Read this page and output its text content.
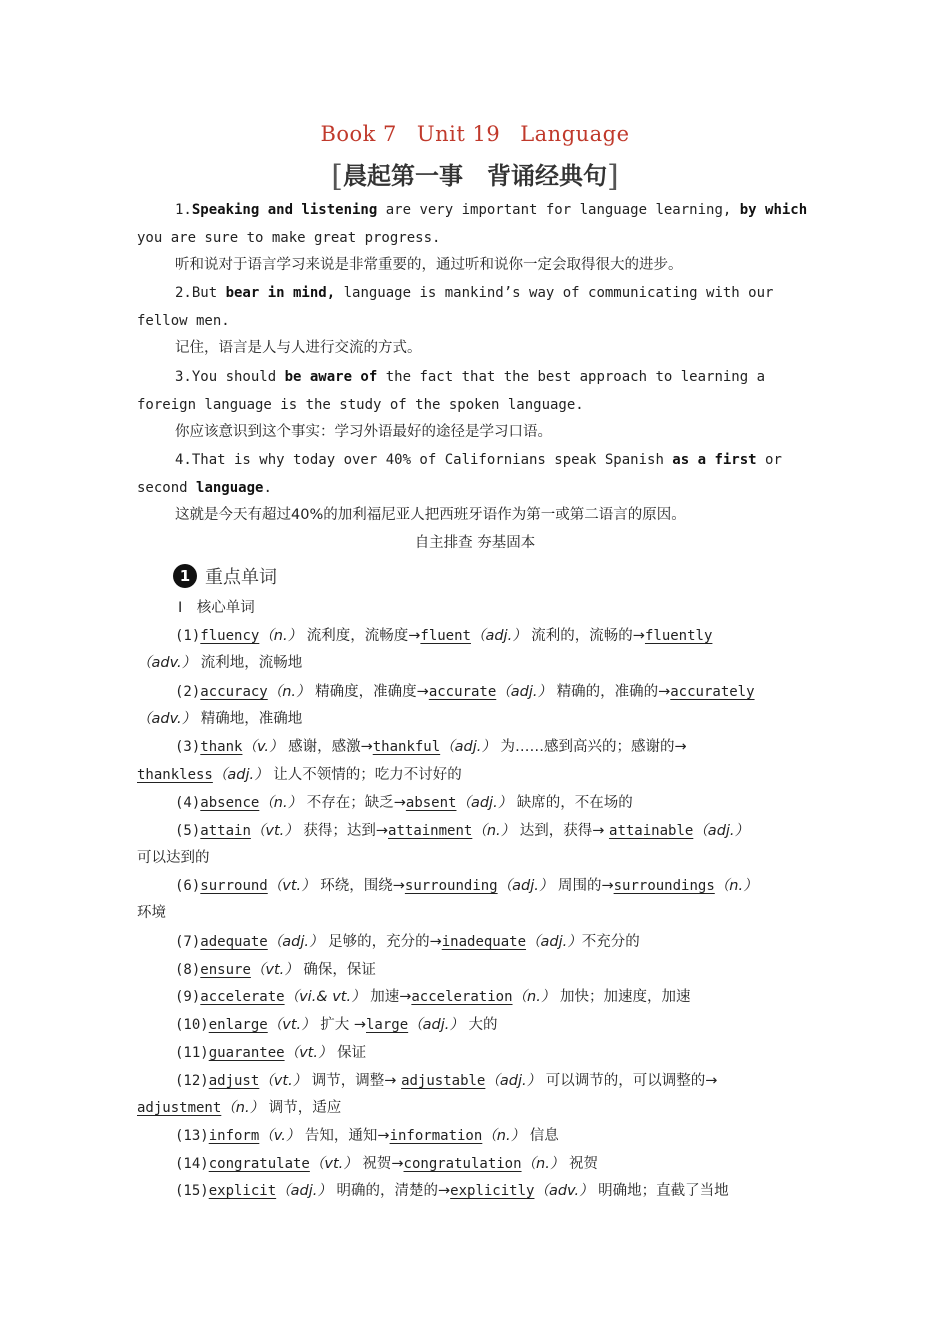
Book 7 Unit 19 Language
[晨起第一事　背诵经典句]
1.Speaking and listening are very important for language learning, by which
you are sure to make great progress.
听和说对于语言学习来说是非常重要的，通过听和说你一定会取得很大的进步。
2.But bear in mind, language is mankind’s way of communicating with our
fellow men.
记住，语言是人与人进行交流的方式。
3.You should be aware of the fact that the best approach to learning a
foreign language is the study of the spoken language.
你应该意识到这个事实：学习外语最好的途径是学习口语。
4.That is why today over 40% of Californians speak Spanish as a first or
second language.
这就是今天有超过40%的加利福尼亚人把西班牙语作为第一或第二语言的原因。
自主排查 夯基固本
1 重点单词
Ⅰ　核心单词
(1)fluency（n.） 流利度，流畅度→fluent（adj.） 流利的，流畅的→fluently
（adv.） 流利地，流畅地
(2)accuracy（n.） 精确度，准确度→accurate（adj.） 精确的，准确的→accurately
（adv.） 精确地，准确地
(3)thank（v.） 感谢，感激→thankful（adj.） 为……感到高兴的；感谢的→
thankless（adj.） 让人不领情的；吃力不讨好的
(4)absence（n.） 不存在；缺乏→absent（adj.） 缺席的，不在场的
(5)attain（vt.） 获得；达到→attainment（n.） 达到，获得→ attainable（adj.）
可以达到的
(6)surround（vt.） 环绕，围绕→surrounding（adj.） 周围的→surroundings（n.）
环境
(7)adequate（adj.） 足够的，充分的→inadequate（adj.）不充分的
(8)ensure（vt.） 确保，保证
(9)accelerate（vi.& vt.） 加速→acceleration（n.） 加快；加速度，加速
(10)enlarge（vt.） 扩大 →large（adj.） 大的
(11)guarantee（vt.） 保证
(12)adjust（vt.） 调节，调整→ adjustable（adj.） 可以调节的，可以调整的→
adjustment（n.） 调节，适应
(13)inform（v.） 告知，通知→information（n.） 信息
(14)congratulate（vt.） 祝贺→congratulation（n.） 祝贺
(15)explicit（adj.） 明确的，清楚的→explicitly（adv.） 明确地；直截了当地
